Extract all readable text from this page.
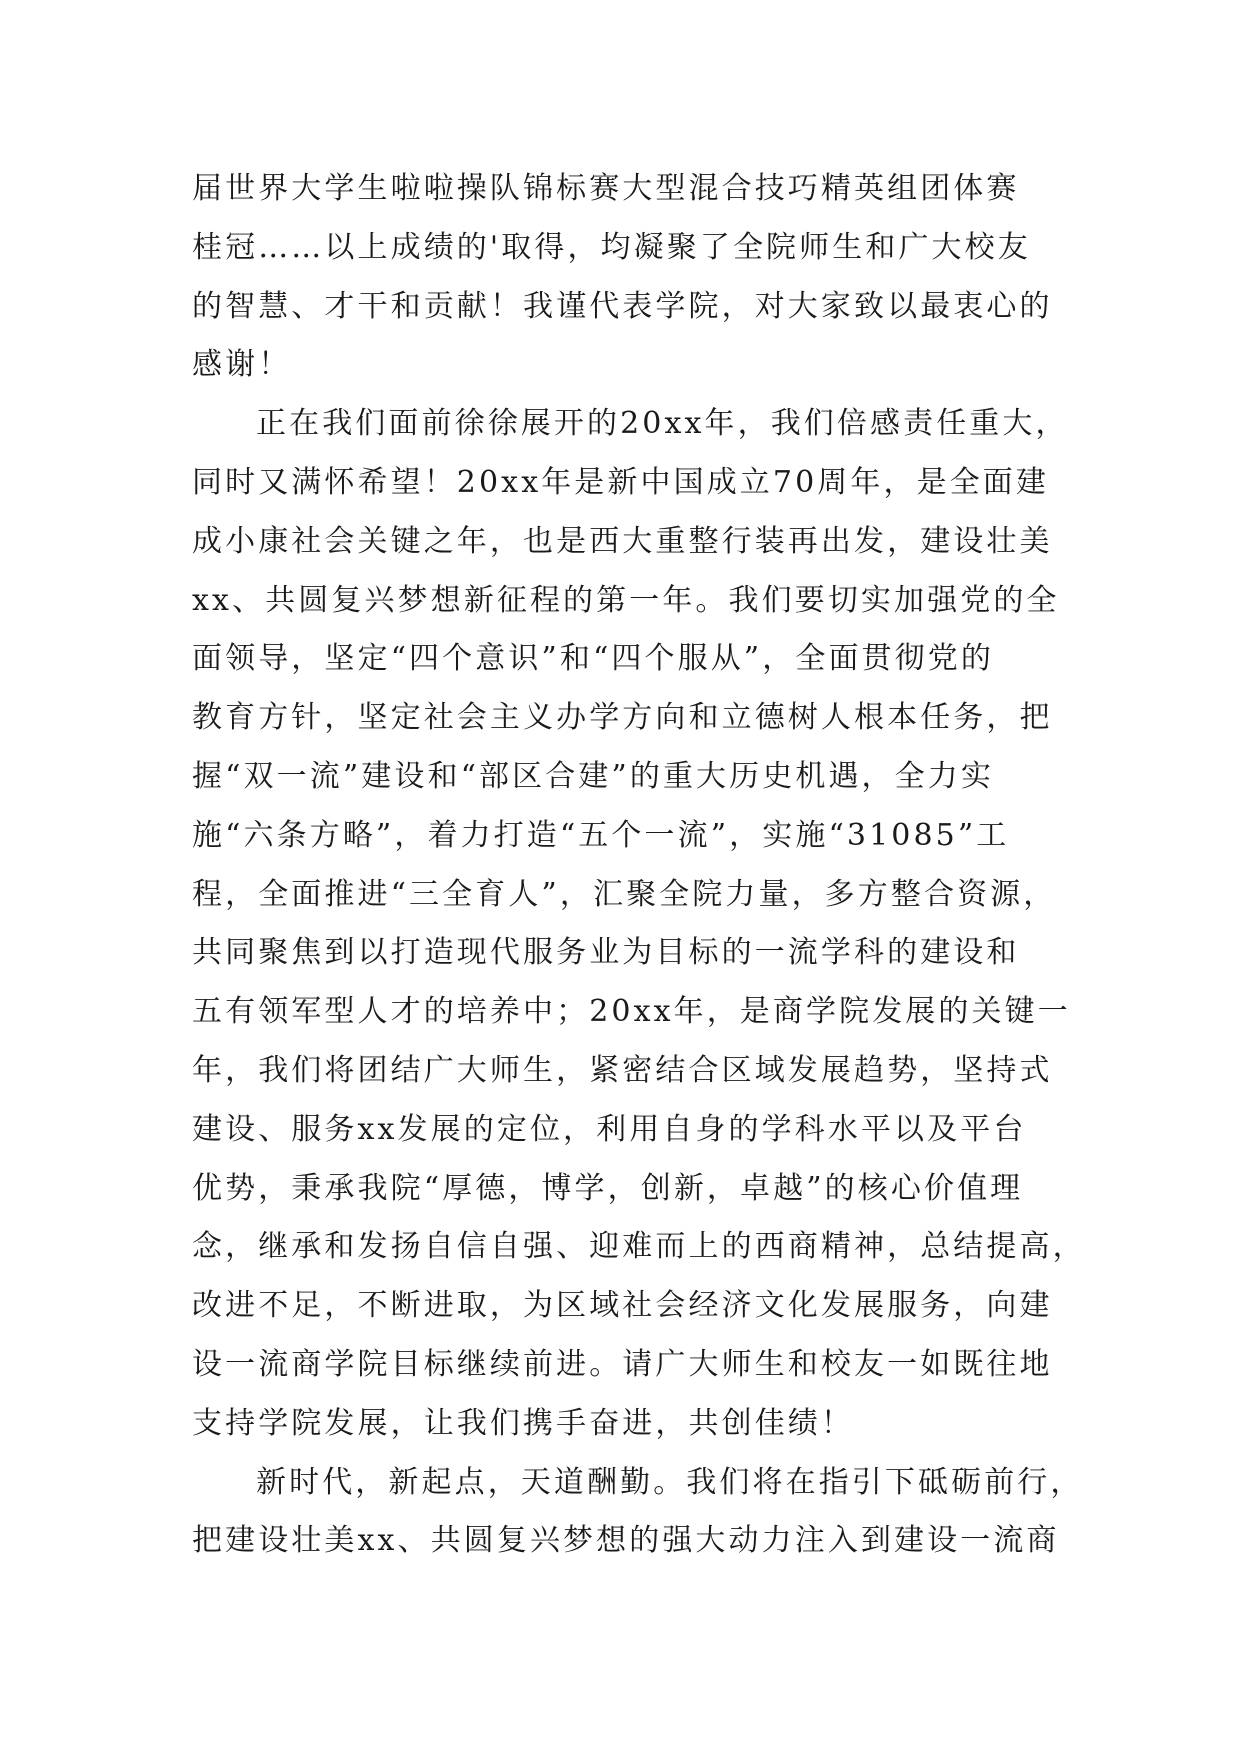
届世界大学生啦啦操队锦标赛大型混合技巧精英组团体赛
桂冠……以上成绩的'取得，均凝聚了全院师生和广大校友
的智慧、才干和贡献！我谨代表学院，对大家致以最衷心的
感谢！
正在我们面前徐徐展开的20xx年，我们倍感责任重大，
同时又满怀希望！20xx年是新中国成立70周年，是全面建
成小康社会关键之年，也是西大重整行装再出发，建设壮美
xx、共圆复兴梦想新征程的第一年。我们要切实加强党的全
面领导，坚定“四个意识”和“四个服从”，全面贯彻党的
教育方针，坚定社会主义办学方向和立德树人根本任务，把
握“双一流”建设和“部区合建”的重大历史机遇，全力实
施“六条方略”，着力打造“五个一流”，实施“31085”工
程，全面推进“三全育人”，汇聚全院力量，多方整合资源，
共同聚焦到以打造现代服务业为目标的一流学科的建设和
五有领军型人才的培养中；20xx年，是商学院发展的关键一
年，我们将团结广大师生，紧密结合区域发展趋势，坚持式
建设、服务xx发展的定位，利用自身的学科水平以及平台
优势，秉承我院“厚德，博学，创新，卓越”的核心价值理
念，继承和发扬自信自强、迎难而上的西商精神，总结提高，
改进不足，不断进取，为区域社会经济文化发展服务，向建
设一流商学院目标继续前进。请广大师生和校友一如既往地
支持学院发展，让我们携手奋进，共创佳绩！
新时代，新起点，天道酬勤。我们将在指引下砥砺前行，
把建设壮美xx、共圆复兴梦想的强大动力注入到建设一流商
